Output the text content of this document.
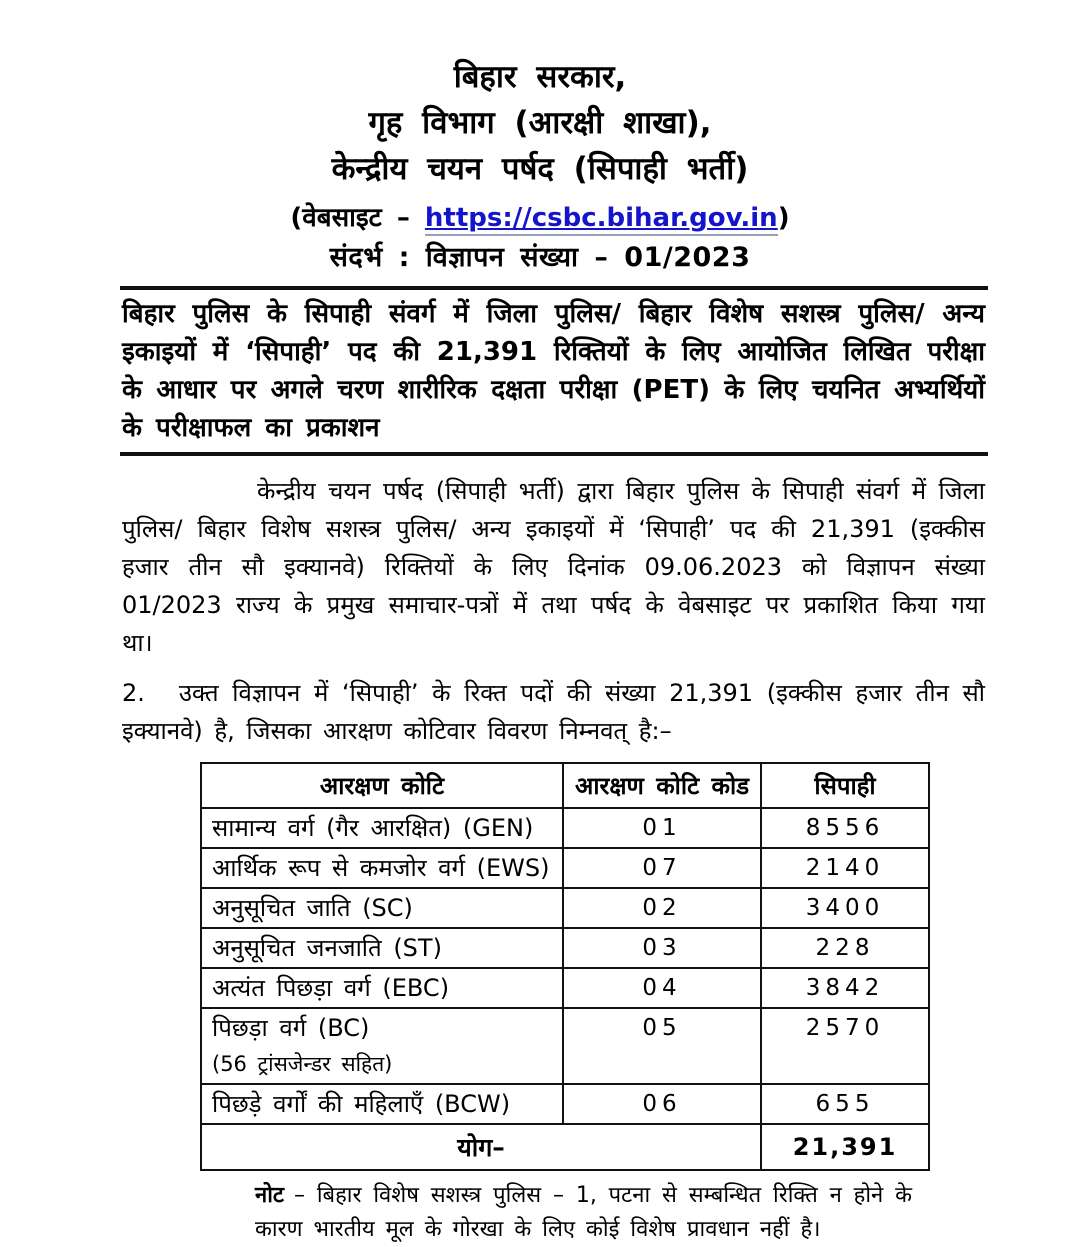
बिहार सरकार,
गृह विभाग (आरक्षी शाखा),
केन्द्रीय चयन पर्षद (सिपाही भर्ती)
(वेबसाइट – https://csbc.bihar.gov.in)
संदर्भ : विज्ञापन संख्या – 01/2023
बिहार पुलिस के सिपाही संवर्ग में जिला पुलिस/ बिहार विशेष सशस्त्र पुलिस/ अन्य इकाइयों में ‘सिपाही’ पद की 21,391 रिक्तियों के लिए आयोजित लिखित परीक्षा के आधार पर अगले चरण शारीरिक दक्षता परीक्षा (PET) के लिए चयनित अभ्यर्थियों के परीक्षाफल का प्रकाशन

केन्द्रीय चयन पर्षद (सिपाही भर्ती) द्वारा बिहार पुलिस के सिपाही संवर्ग में जिला पुलिस/ बिहार विशेष सशस्त्र पुलिस/ अन्य इकाइयों में ‘सिपाही’ पद की 21,391 (इक्कीस हजार तीन सौ इक्यानवे) रिक्तियों के लिए दिनांक 09.06.2023 को विज्ञापन संख्या 01/2023 राज्य के प्रमुख समाचार-पत्रों में तथा पर्षद के वेबसाइट पर प्रकाशित किया गया था।

2. उक्त विज्ञापन में ‘सिपाही’ के रिक्त पदों की संख्या 21,391 (इक्कीस हजार तीन सौ इक्यानवे) है, जिसका आरक्षण कोटिवार विवरण निम्नवत् है:–

आरक्षण कोटि	आरक्षण कोटि कोड	सिपाही

सामान्य वर्ग (गैर आरक्षित) (GEN)	01	8556

आर्थिक रूप से कमजोर वर्ग (EWS)	07	2140

अनुसूचित जाति (SC)	02	3400

अनुसूचित जनजाति (ST)	03	228

अत्यंत पिछड़ा वर्ग (EBC)	04	3842

पिछड़ा वर्ग (BC)
(56 ट्रांसजेन्डर सहित)	05	2570

पिछड़े वर्गों की महिलाएँ (BCW)	06	655
योग–		21,391

नोट – बिहार विशेष सशस्त्र पुलिस – 1, पटना से सम्बन्धित रिक्ति न होने के कारण भारतीय मूल के गोरखा के लिए कोई विशेष प्रावधान नहीं है।
